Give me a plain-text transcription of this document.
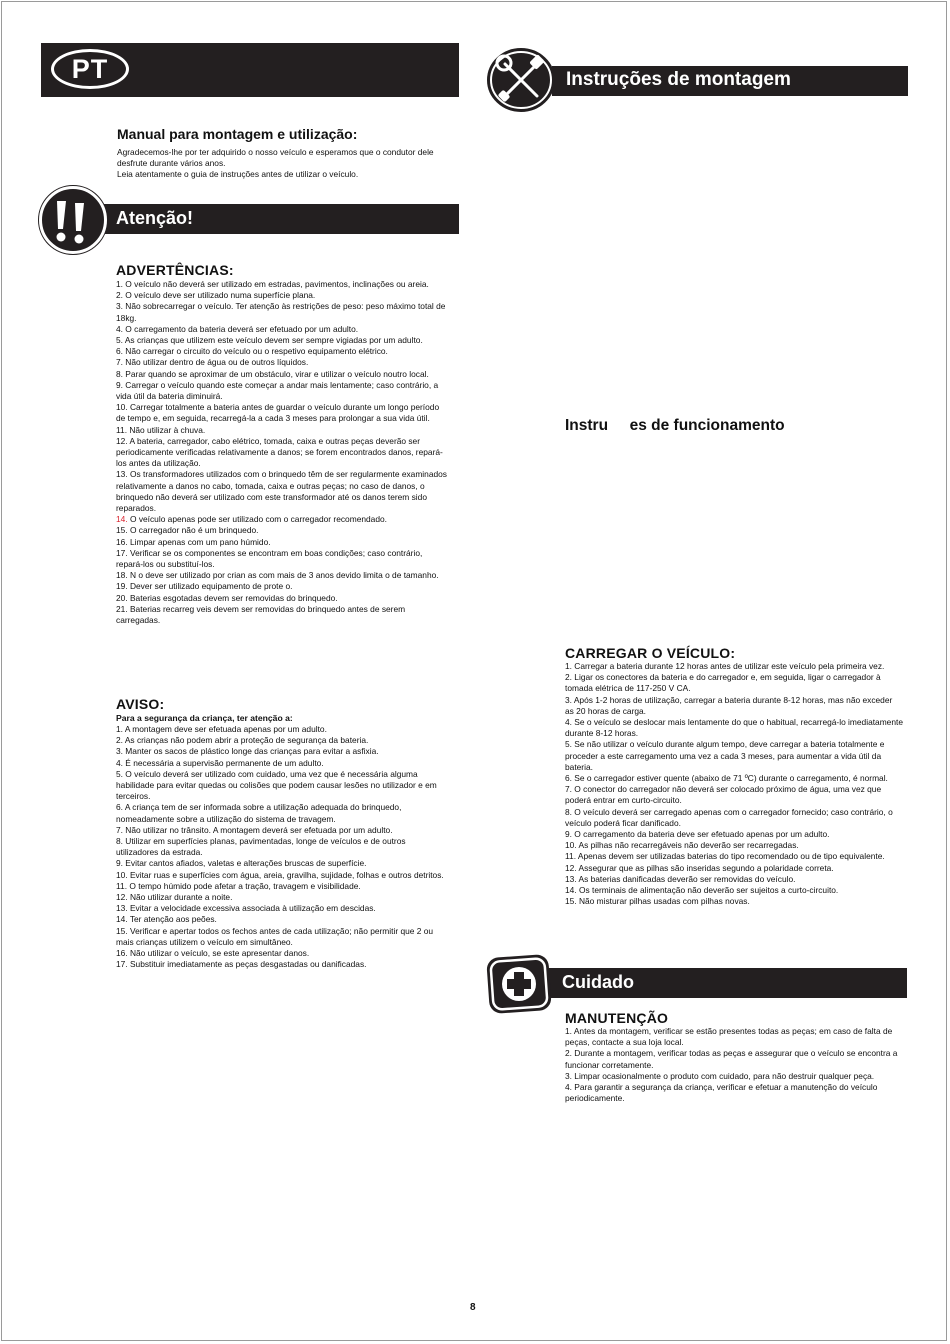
PT
Manual para montagem e utilização:
Agradecemos-lhe por ter adquirido o nosso veículo e esperamos que o condutor dele desfrute durante vários anos.
Leia atentamente o guia de instruções antes de utilizar o veículo.
Atenção!
ADVERTÊNCIAS:
1. O veículo não deverá ser utilizado em estradas, pavimentos, inclinações ou areia.
2. O veículo deve ser utilizado numa superfície plana.
3. Não sobrecarregar o veículo. Ter atenção às restrições de peso: peso máximo total de 18kg.
4. O carregamento da bateria deverá ser efetuado por um adulto.
5. As crianças que utilizem este veículo devem ser sempre vigiadas por um adulto.
6. Não carregar o circuito do veículo ou o respetivo equipamento elétrico.
7. Não utilizar dentro de água ou de outros líquidos.
8. Parar quando se aproximar de um obstáculo, virar e utilizar o veículo noutro local.
9. Carregar o veículo quando este começar a andar mais lentamente; caso contrário, a vida útil da bateria diminuirá.
10. Carregar totalmente a bateria antes de guardar o veículo durante um longo período de tempo e, em seguida, recarregá-la a cada 3 meses para prolongar a sua vida útil.
11. Não utilizar à chuva.
12. A bateria, carregador, cabo elétrico, tomada, caixa e outras peças deverão ser periodicamente verificadas relativamente a danos; se forem encontrados danos, repará-los antes da utilização.
13. Os transformadores utilizados com o brinquedo têm de ser regularmente examinados relativamente a danos no cabo, tomada, caixa e outras peças; no caso de danos, o brinquedo não deverá ser utilizado com este transformador até os danos terem sido reparados.
14. O veículo apenas pode ser utilizado com o carregador recomendado.
15. O carregador não é um brinquedo.
16. Limpar apenas com um pano húmido.
17. Verificar se os componentes se encontram em boas condições; caso contrário, repará-los ou substituí-los.
18. N o deve ser utilizado por crian as com mais de 3 anos devido limita o de tamanho.
19. Dever ser utilizado equipamento de prote o.
20. Baterias esgotadas devem ser removidas do brinquedo.
21. Baterias recarreg veis devem ser removidas do brinquedo antes de serem carregadas.
AVISO:
Para a segurança da criança, ter atenção a:
1. A montagem deve ser efetuada apenas por um adulto.
2. As crianças não podem abrir a proteção de segurança da bateria.
3. Manter os sacos de plástico longe das crianças para evitar a asfixia.
4. É necessária a supervisão permanente de um adulto.
5. O veículo deverá ser utilizado com cuidado, uma vez que é necessária alguma habilidade para evitar quedas ou colisões que podem causar lesões no utilizador e em terceiros.
6. A criança tem de ser informada sobre a utilização adequada do brinquedo, nomeadamente sobre a utilização do sistema de travagem.
7. Não utilizar no trânsito. A montagem deverá ser efetuada por um adulto.
8. Utilizar em superfícies planas, pavimentadas, longe de veículos e de outros utilizadores da estrada.
9. Evitar cantos afiados, valetas e alterações bruscas de superfície.
10. Evitar ruas e superfícies com água, areia, gravilha, sujidade, folhas e outros detritos.
11. O tempo húmido pode afetar a tração, travagem e visibilidade.
12. Não utilizar durante a noite.
13. Evitar a velocidade excessiva associada à utilização em descidas.
14. Ter atenção aos peões.
15. Verificar e apertar todos os fechos antes de cada utilização; não permitir que 2 ou mais crianças utilizem o veículo em simultâneo.
16. Não utilizar o veículo, se este apresentar danos.
17. Substituir imediatamente as peças desgastadas ou danificadas.
Instruções de montagem
Instru     es de funcionamento
CARREGAR O VEÍCULO:
1. Carregar a bateria durante 12 horas antes de utilizar este veículo pela primeira vez.
2. Ligar os conectores da bateria e do carregador e, em seguida, ligar o carregador à tomada elétrica de 117-250 V CA.
3. Após 1-2 horas de utilização, carregar a bateria durante 8-12 horas, mas não exceder as 20 horas de carga.
4. Se o veículo se deslocar mais lentamente do que o habitual, recarregá-lo imediatamente durante 8-12 horas.
5. Se não utilizar o veículo durante algum tempo, deve carregar a bateria totalmente e proceder a este carregamento uma vez a cada 3 meses, para aumentar a vida útil da bateria.
6. Se o carregador estiver quente (abaixo de 71 ºC) durante o carregamento, é normal.
7. O conector do carregador não deverá ser colocado próximo de água, uma vez que poderá entrar em curto-circuito.
8. O veículo deverá ser carregado apenas com o carregador fornecido; caso contrário, o veículo poderá ficar danificado.
9. O carregamento da bateria deve ser efetuado apenas por um adulto.
10. As pilhas não recarregáveis não deverão ser recarregadas.
11. Apenas devem ser utilizadas baterias do tipo recomendado ou de tipo equivalente.
12. Assegurar que as pilhas são inseridas segundo a polaridade correta.
13. As baterias danificadas deverão ser removidas do veículo.
14. Os terminais de alimentação não deverão ser sujeitos a curto-circuito.
15. Não misturar pilhas usadas com pilhas novas.
Cuidado
MANUTENÇÃO
1. Antes da montagem, verificar se estão presentes todas as peças; em caso de falta de peças, contacte a sua loja local.
2. Durante a montagem, verificar todas as peças e assegurar que o veículo se encontra a funcionar corretamente.
3. Limpar ocasionalmente o produto com cuidado, para não destruir qualquer peça.
4. Para garantir a segurança da criança, verificar e efetuar a manutenção do veículo periodicamente.
8
